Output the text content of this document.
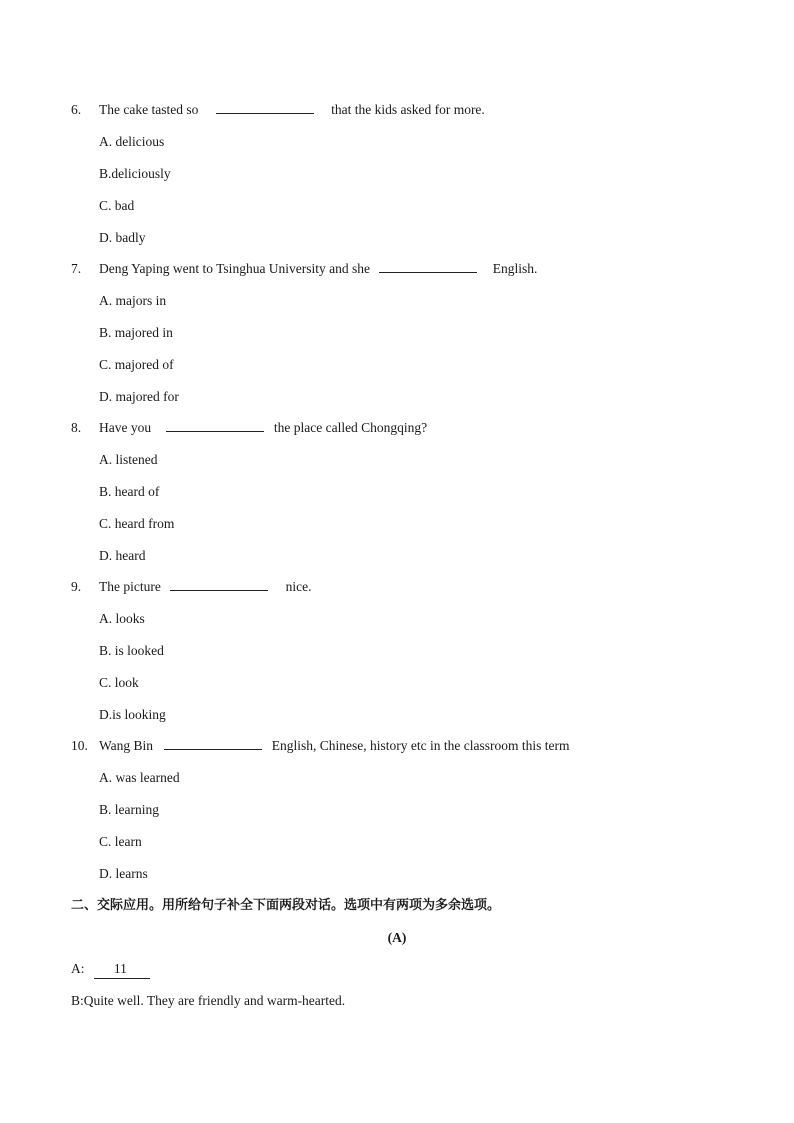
6.	The cake tasted so	that the kids asked for more.
A. delicious
B.deliciously
C. bad
D. badly
7.	Deng Yaping went to Tsinghua University and she	English.
A. majors in
B. majored in
C. majored of
D. majored for
8.	Have you	the place called Chongqing?
A. listened
B. heard of
C. heard from
D. heard
9.	The picture	nice.
A. looks
B. is looked
C. look
D.is looking
10. Wang Bin	English, Chinese, history etc in the classroom this term
A. was learned
B. learning
C. learn
D. learns
二、交际应用。用所给句子补全下面两段对话。选项中有两项为多余选项。
(A)
A: 11
B:Quite well. They are friendly and warm-hearted.
